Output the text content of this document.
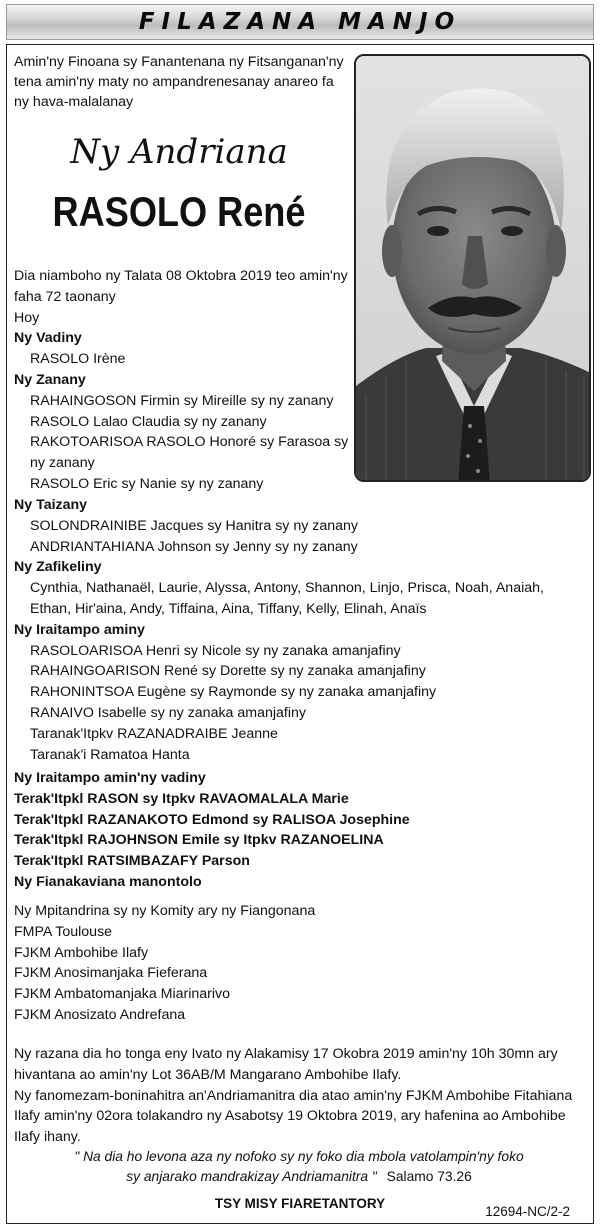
FILAZANA MANJO
Amin'ny Finoana sy Fanantenana ny Fitsanganan'ny
tena amin'ny maty no ampandrenesanay anareo fa
ny hava-malalanay
Ny Andriana
RASOLO René
Dia niamboho ny Talata 08 Oktobra 2019 teo amin'ny
faha 72 taonany
Hoy
Ny Vadiny
RASOLO Irène
Ny Zanany
RAHAINGOSON Firmin sy Mireille sy ny zanany
RASOLO Lalao Claudia sy ny zanany
RAKOTOARISOA RASOLO Honoré sy Farasoa sy
ny zanany
RASOLO Eric sy Nanie sy ny zanany
Ny Taizany
SOLONDRAINIBE Jacques sy Hanitra sy ny zanany
ANDRIANTAHIANA Johnson sy Jenny sy ny zanany
Ny Zafikeliny
Cynthia, Nathanaël, Laurie, Alyssa, Antony, Shannon, Linjo, Prisca, Noah, Anaiah,
Ethan, Hir'aina, Andy, Tiffaina, Aina, Tiffany, Kelly, Elinah, Anaïs
Ny Iraitampo aminy
RASOLOARISOA Henri sy Nicole sy ny zanaka amanjafiny
RAHAINGOARISON René sy Dorette sy ny zanaka amanjafiny
RAHONINTSOA Eugène sy Raymonde sy ny zanaka amanjafiny
RANAIVO Isabelle sy ny zanaka amanjafiny
Taranak'Itpkv RAZANADRAIBE Jeanne
Taranak'i Ramatoa Hanta
Ny Iraitampo amin'ny vadiny
Terak'Itpkl RASON sy Itpkv RAVAOMALALA Marie
Terak'Itpkl RAZANAKOTO Edmond sy RALISOA Josephine
Terak'Itpkl RAJOHNSON Emile sy Itpkv RAZANOELINA
Terak'Itpkl RATSIMBAZAFY Parson
Ny Fianakaviana manontolo
Ny Mpitandrina sy ny Komity ary ny Fiangonana
FMPA Toulouse
FJKM Ambohibe Ilafy
FJKM Anosimanjaka Fieferana
FJKM Ambatomanjaka Miarinarivo
FJKM Anosizato Andrefana
Ny razana dia ho tonga eny Ivato ny Alakamisy 17 Okobra 2019 amin'ny 10h 30mn ary
hivantana ao amin'ny Lot 36AB/M Mangarano Ambohibe Ilafy.
Ny fanomezam-boninahitra an'Andriamanitra dia atao amin'ny FJKM Ambohibe Fitahiana
Ilafy amin'ny 02ora tolakandro ny Asabotsy 19 Oktobra 2019, ary hafenina ao Ambohibe
Ilafy ihany.
" Na dia ho levona aza ny nofoko sy ny foko dia mbola vatolampin'ny foko
sy anjarako mandrakizay Andriamanitra " Salamo 73.26
TSY MISY FIARETANTORY
12694-NC/2-2
